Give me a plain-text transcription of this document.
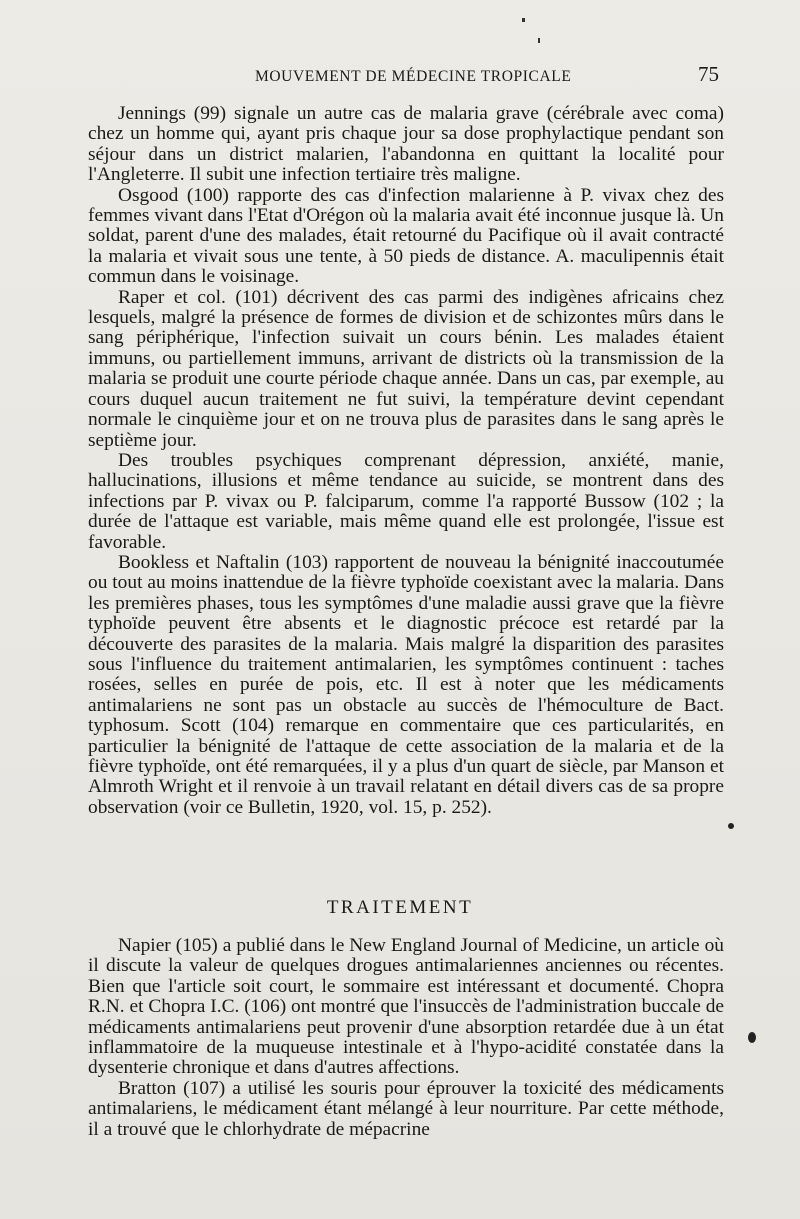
MOUVEMENT DE MÉDECINE TROPICALE	75

Jennings (99) signale un autre cas de malaria grave (cérébrale avec coma) chez un homme qui, ayant pris chaque jour sa dose prophylactique pendant son séjour dans un district malarien, l'abandonna en quittant la localité pour l'Angleterre. Il subit une infection tertiaire très maligne.

Osgood (100) rapporte des cas d'infection malarienne à P. vivax chez des femmes vivant dans l'Etat d'Orégon où la malaria avait été inconnue jusque là. Un soldat, parent d'une des malades, était retourné du Pacifique où il avait contracté la malaria et vivait sous une tente, à 50 pieds de distance. A. maculipennis était commun dans le voisinage.

Raper et col. (101) décrivent des cas parmi des indigènes africains chez lesquels, malgré la présence de formes de division et de schizontes mûrs dans le sang périphérique, l'infection suivait un cours bénin. Les malades étaient immuns, ou partiellement immuns, arrivant de districts où la transmission de la malaria se produit une courte période chaque année. Dans un cas, par exemple, au cours duquel aucun traitement ne fut suivi, la température devint cependant normale le cinquième jour et on ne trouva plus de parasites dans le sang après le septième jour.

Des troubles psychiques comprenant dépression, anxiété, manie, hallucinations, illusions et même tendance au suicide, se montrent dans des infections par P. vivax ou P. falciparum, comme l'a rapporté Bussow (102 ; la durée de l'attaque est variable, mais même quand elle est prolongée, l'issue est favorable.

Bookless et Naftalin (103) rapportent de nouveau la bénignité inaccoutumée ou tout au moins inattendue de la fièvre typhoïde coexistant avec la malaria. Dans les premières phases, tous les symptômes d'une maladie aussi grave que la fièvre typhoïde peuvent être absents et le diagnostic précoce est retardé par la découverte des parasites de la malaria. Mais malgré la disparition des parasites sous l'influence du traitement antimalarien, les symptômes continuent : taches rosées, selles en purée de pois, etc. Il est à noter que les médicaments antimalariens ne sont pas un obstacle au succès de l'hémoculture de Bact. typhosum. Scott (104) remarque en commentaire que ces particularités, en particulier la bénignité de l'attaque de cette association de la malaria et de la fièvre typhoïde, ont été remarquées, il y a plus d'un quart de siècle, par Manson et Almroth Wright et il renvoie à un travail relatant en détail divers cas de sa propre observation (voir ce Bulletin, 1920, vol. 15, p. 252).

TRAITEMENT

Napier (105) a publié dans le New England Journal of Medicine, un article où il discute la valeur de quelques drogues antimalariennes anciennes ou récentes. Bien que l'article soit court, le sommaire est intéressant et documenté. Chopra R.N. et Chopra I.C. (106) ont montré que l'insuccès de l'administration buccale de médicaments antimalariens peut provenir d'une absorption retardée due à un état inflammatoire de la muqueuse intestinale et à l'hypo-acidité constatée dans la dysenterie chronique et dans d'autres affections.

Bratton (107) a utilisé les souris pour éprouver la toxicité des médicaments antimalariens, le médicament étant mélangé à leur nourriture. Par cette méthode, il a trouvé que le chlorhydrate de mépacrine
